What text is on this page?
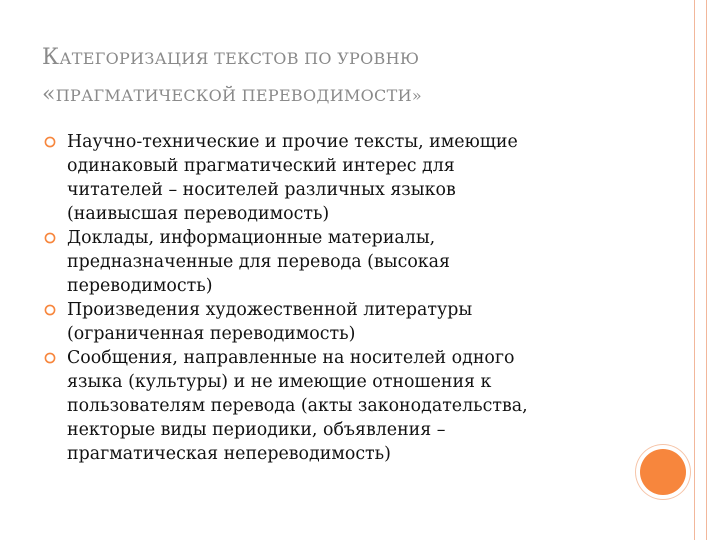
КАТЕГОРИЗАЦИЯ ТЕКСТОВ ПО УРОВНЮ
«ПРАГМАТИЧЕСКОЙ ПЕРЕВОДИМОСТИ»
Научно-технические и прочие тексты, имеющие
одинаковый прагматический интерес для
читателей – носителей различных языков
(наивысшая переводимость)
Доклады, информационные материалы,
предназначенные для перевода (высокая
переводимость)
Произведения художественной литературы
(ограниченная переводимость)
Сообщения, направленные на носителей одного
языка (культуры) и не имеющие отношения к
пользователям перевода (акты законодательства,
некторые виды периодики, объявления –
прагматическая непереводимость)
